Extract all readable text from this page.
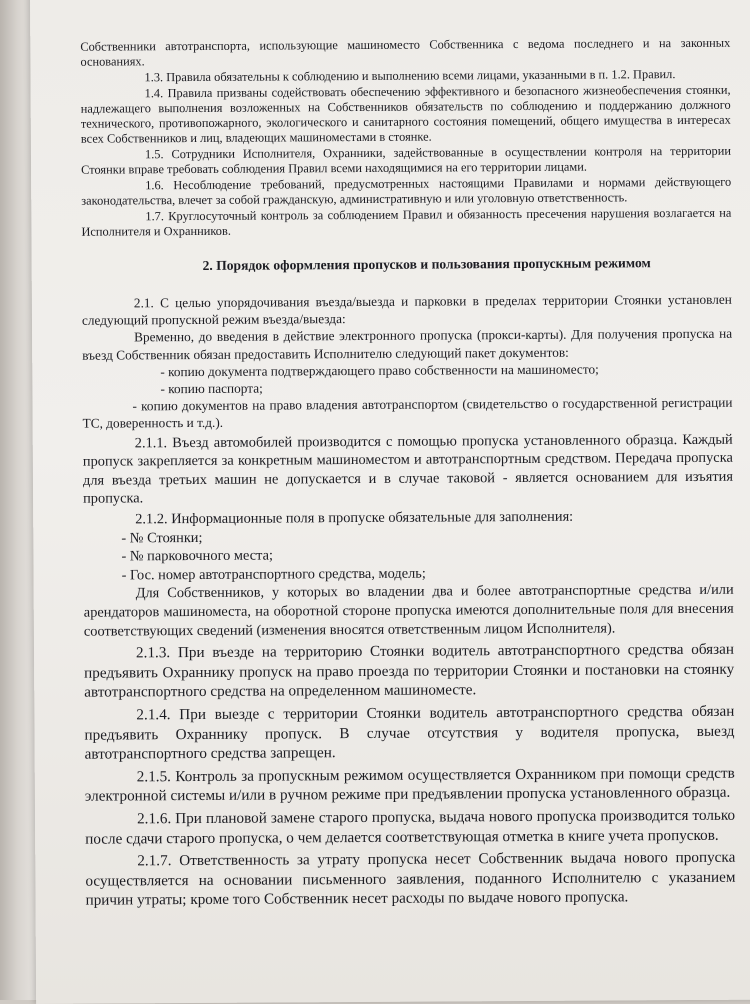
Собственники автотранспорта, использующие машиноместо Собственника с ведома последнего и на законных основаниях.

1.3. Правила обязательны к соблюдению и выполнению всеми лицами, указанными в п. 1.2. Правил.

1.4. Правила призваны содействовать обеспечению эффективного и безопасного жизнеобеспечения стоянки, надлежащего выполнения возложенных на Собственников обязательств по соблюдению и поддержанию должного технического, противопожарного, экологического и санитарного состояния помещений, общего имущества в интересах всех Собственников и лиц, владеющих машиноместами в стоянке.

1.5. Сотрудники Исполнителя, Охранники, задействованные в осуществлении контроля на территории Стоянки вправе требовать соблюдения Правил всеми находящимися на его территории лицами.

1.6. Несоблюдение требований, предусмотренных настоящими Правилами и нормами действующего законодательства, влечет за собой гражданскую, административную и или уголовную ответственность.

1.7. Круглосуточный контроль за соблюдением Правил и обязанность пресечения нарушения возлагается на Исполнителя и Охранников.

2. Порядок оформления пропусков и пользования пропускным режимом

2.1. С целью упорядочивания въезда/выезда и парковки в пределах территории Стоянки установлен следующий пропускной режим въезда/выезда:

Временно, до введения в действие электронного пропуска (прокси-карты). Для получения пропуска на въезд Собственник обязан предоставить Исполнителю следующий пакет документов:

- копию документа подтверждающего право собственности на машиноместо;

- копию паспорта;

- копию документов на право владения автотранспортом (свидетельство о государственной регистрации ТС, доверенность и т.д.).

2.1.1. Въезд автомобилей производится с помощью пропуска установленного образца. Каждый пропуск закрепляется за конкретным машиноместом и автотранспортным средством. Передача пропуска для въезда третьих машин не допускается и в случае таковой - является основанием для изъятия пропуска.

2.1.2. Информационные поля в пропуске обязательные для заполнения:

- № Стоянки;

- № парковочного места;

- Гос. номер автотранспортного средства, модель;

Для Собственников, у которых во владении два и более автотранспортные средства и/или арендаторов машиноместа, на оборотной стороне пропуска имеются дополнительные поля для внесения соответствующих сведений (изменения вносятся ответственным лицом Исполнителя).

2.1.3. При въезде на территорию Стоянки водитель автотранспортного средства обязан предъявить Охраннику пропуск на право проезда по территории Стоянки и постановки на стоянку автотранспортного средства на определенном машиноместе.

2.1.4. При выезде с территории Стоянки водитель автотранспортного средства обязан предъявить Охраннику пропуск. В случае отсутствия у водителя пропуска, выезд автотранспортного средства запрещен.

2.1.5. Контроль за пропускным режимом осуществляется Охранником при помощи средств электронной системы и/или в ручном режиме при предъявлении пропуска установленного образца.

2.1.6. При плановой замене старого пропуска, выдача нового пропуска производится только после сдачи старого пропуска, о чем делается соответствующая отметка в книге учета пропусков.

2.1.7. Ответственность за утрату пропуска несет Собственник выдача нового пропуска осуществляется на основании письменного заявления, поданного Исполнителю с указанием причин утраты; кроме того Собственник несет расходы по выдаче нового пропуска.
